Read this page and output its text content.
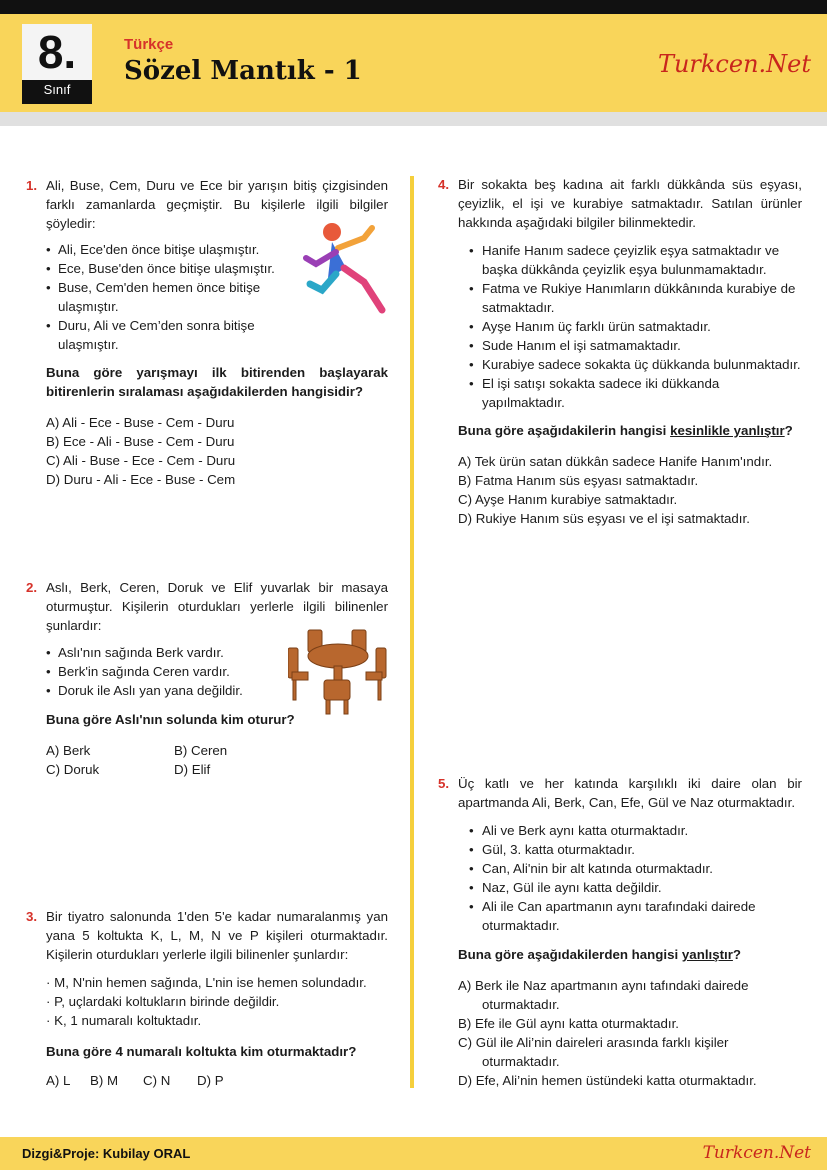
8.
Sınıf
Türkçe
Sözel Mantık - 1	Turkcen.Net
1. Ali, Buse, Cem, Duru ve Ece bir yarışın bitiş çizgisinden farklı zamanlarda geçmiştir. Bu kişilerle ilgili bilgiler şöyledir:
• Ali, Ece'den önce bitişe ulaşmıştır.
• Ece, Buse'den önce bitişe ulaşmıştır.
• Buse, Cem'den hemen önce bitişe ulaşmıştır.
• Duru, Ali ve Cem’den sonra bitişe ulaşmıştır.
Buna göre yarışmayı ilk bitirenden başlayarak bitirenlerin sıralaması aşağıdakilerden hangisidir?
A) Ali - Ece - Buse - Cem - Duru
B) Ece - Ali - Buse - Cem - Duru
C) Ali - Buse - Ece - Cem - Duru
D) Duru - Ali - Ece - Buse - Cem
2. Aslı, Berk, Ceren, Doruk ve Elif yuvarlak bir masaya oturmuştur. Kişilerin oturdukları yerlerle ilgili bilinenler şunlardır:
• Aslı'nın sağında Berk vardır.
• Berk'in sağında Ceren vardır.
• Doruk ile Aslı yan yana değildir.
Buna göre Aslı'nın solunda kim oturur?
A) Berk	B) Ceren
C) Doruk	D) Elif
3. Bir tiyatro salonunda 1'den 5'e kadar numaralanmış yan yana 5 koltukta K, L, M, N ve P kişileri oturmaktadır. Kişilerin oturdukları yerlerle ilgili bilinenler şunlardır:
· M, N'nin hemen sağında, L'nin ise hemen solundadır.
· P, uçlardaki koltukların birinde değildir.
· K, 1 numaralı koltuktadır.
Buna göre 4 numaralı koltukta kim oturmaktadır?
A) L B) M C) N D) P
4. Bir sokakta beş kadına ait farklı dükkânda süs eşyası, çeyizlik, el işi ve kurabiye satmaktadır. Satılan ürünler hakkında aşağıdaki bilgiler bilinmektedir.
• Hanife Hanım sadece çeyizlik eşya satmaktadır ve başka dükkânda çeyizlik eşya bulunmamaktadır.
• Fatma ve Rukiye Hanımların dükkânında kurabiye de satmaktadır.
• Ayşe Hanım üç farklı ürün satmaktadır.
• Sude Hanım el işi satmamaktadır.
• Kurabiye sadece sokakta üç dükkanda bulunmaktadır.
• El işi satışı sokakta sadece iki dükkanda yapılmaktadır.
Buna göre aşağıdakilerin hangisi kesinlikle yanlıştır?
A) Tek ürün satan dükkân sadece Hanife Hanım'ındır.
B) Fatma Hanım süs eşyası satmaktadır.
C) Ayşe Hanım kurabiye satmaktadır.
D) Rukiye Hanım süs eşyası ve el işi satmaktadır.
5. Üç katlı ve her katında karşılıklı iki daire olan bir apartmanda Ali, Berk, Can, Efe, Gül ve Naz oturmaktadır.
• Ali ve Berk aynı katta oturmaktadır.
• Gül, 3. katta oturmaktadır.
• Can, Ali'nin bir alt katında oturmaktadır.
• Naz, Gül ile aynı katta değildir.
• Ali ile Can apartmanın aynı tarafındaki dairede oturmaktadır.
Buna göre aşağıdakilerden hangisi yanlıştır?
A) Berk ile Naz apartmanın aynı tafındaki dairede oturmaktadır.
B) Efe ile Gül aynı katta oturmaktadır.
C) Gül ile Ali’nin daireleri arasında farklı kişiler oturmaktadır.
D) Efe, Ali’nin hemen üstündeki katta oturmaktadır.
Dizgi&Proje: Kubilay ORAL	Turkcen.Net
